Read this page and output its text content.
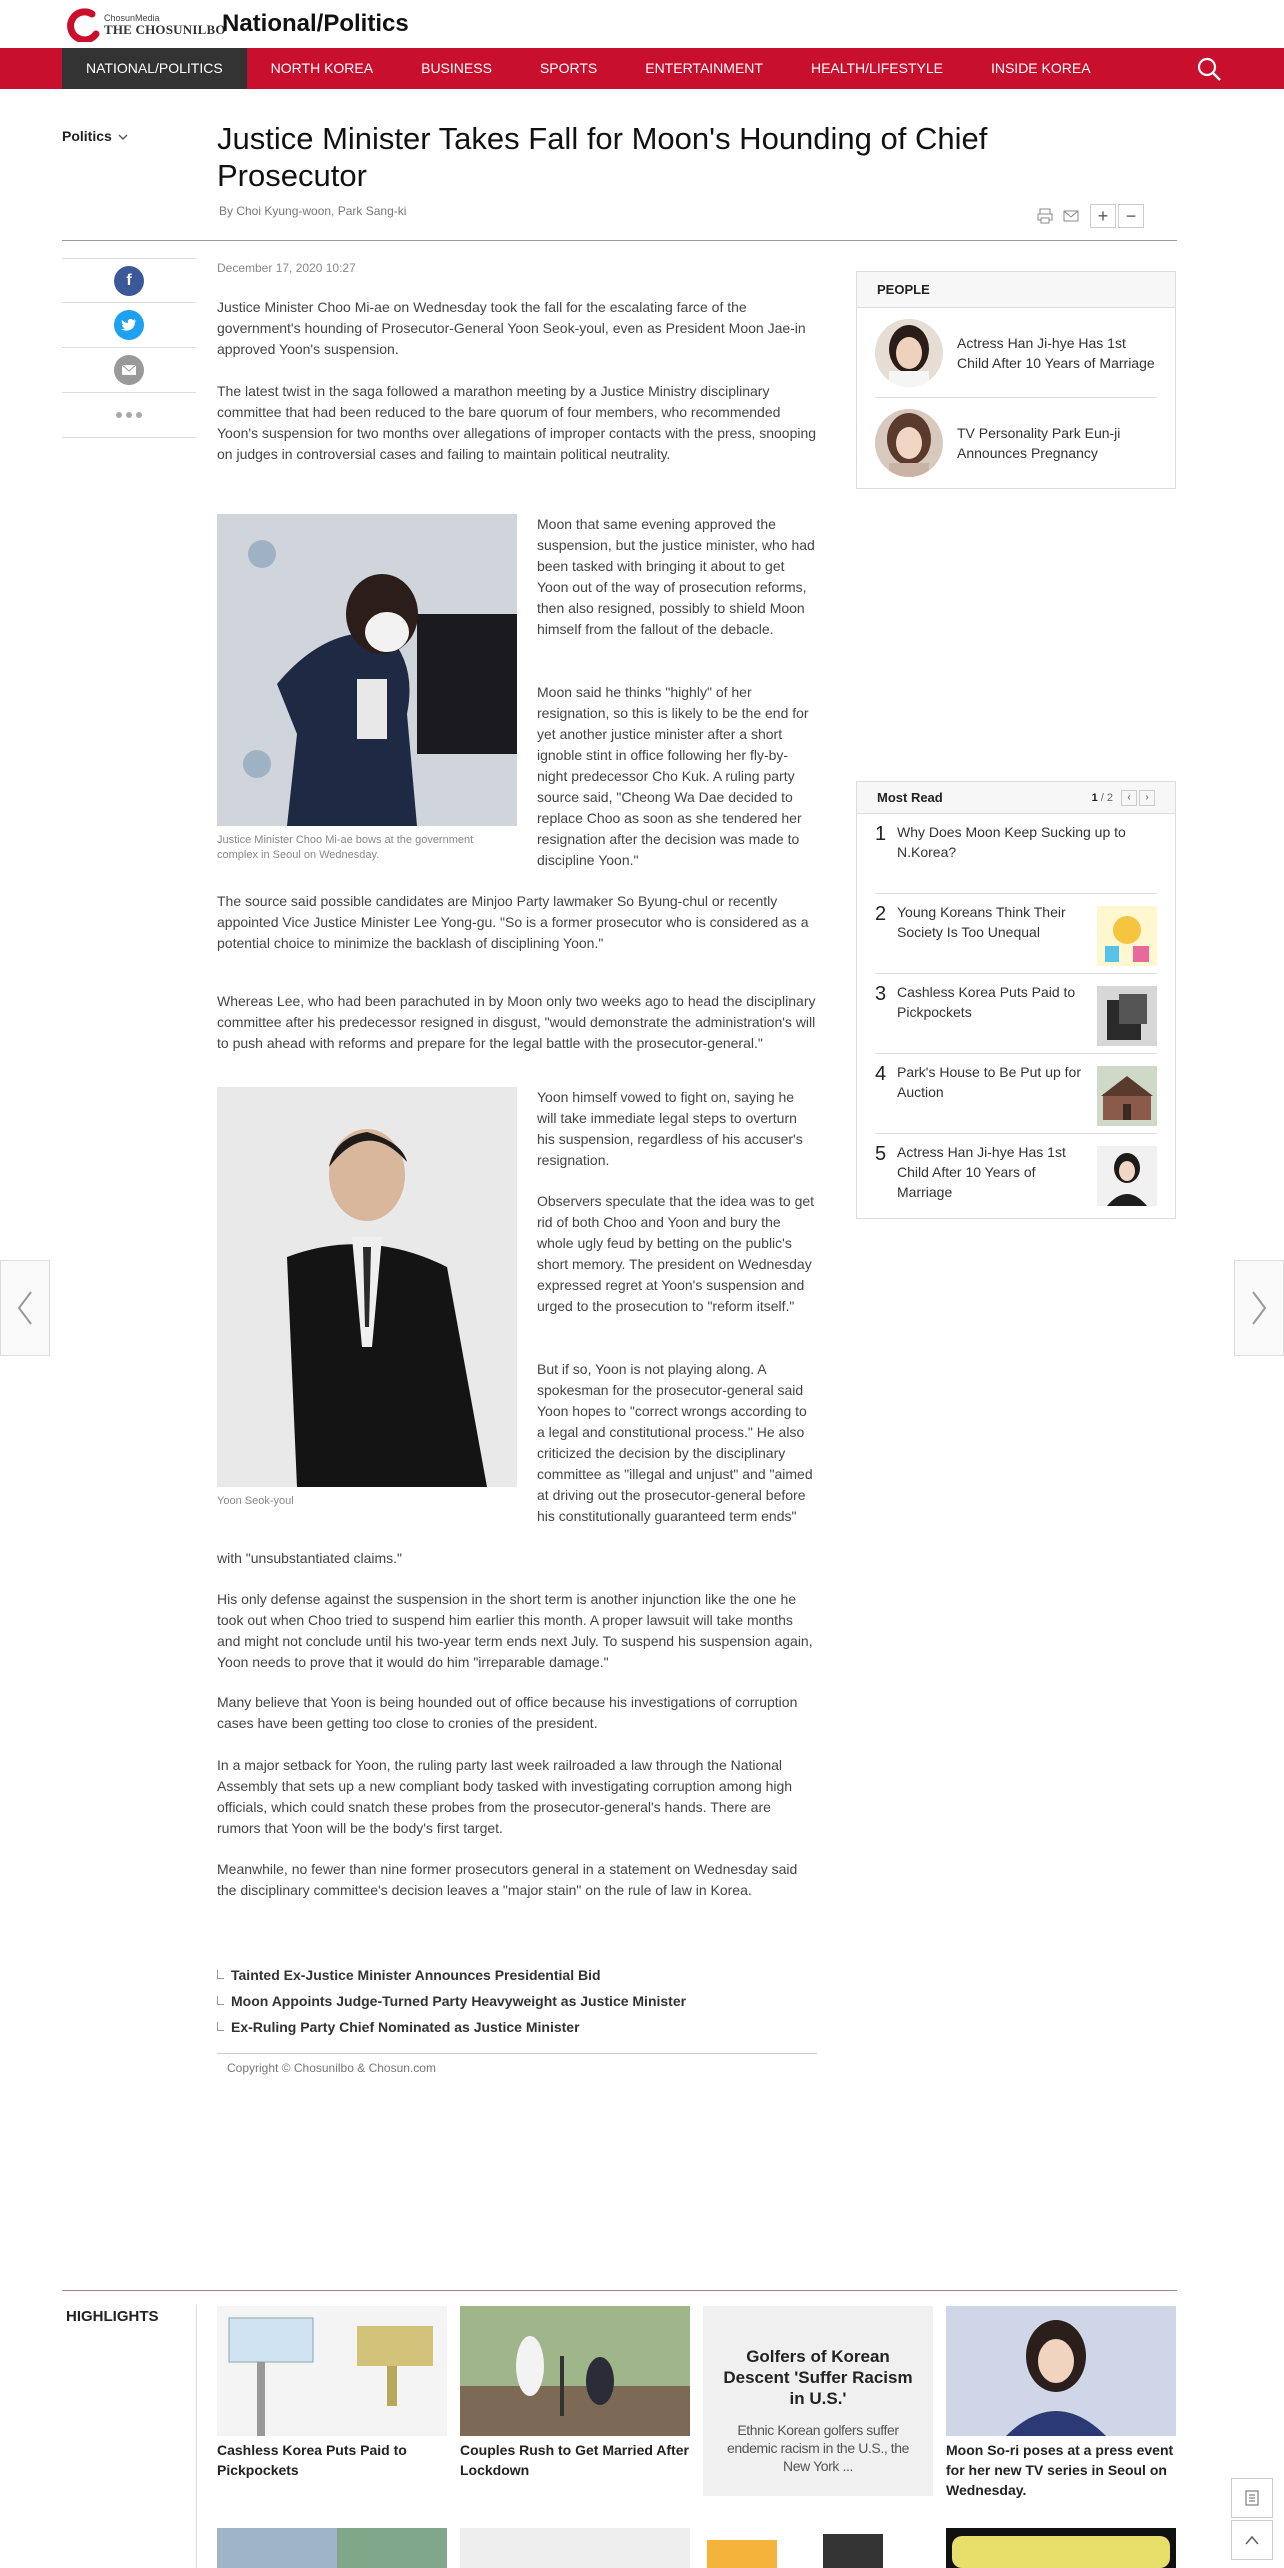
ChosunMedia
THE CHOSUNILBO
National/Politics
NATIONAL/POLITICS	NORTH KOREA	BUSINESS	SPORTS	ENTERTAINMENT	HEALTH/LIFESTYLE	INSIDE KOREA
Politics	Justice Minister Takes Fall for Moon's Hounding of Chief Prosecutor
By Choi Kyung-woon, Park Sang-ki	+ −
f
December 17, 2020 10:27

Justice Minister Choo Mi-ae on Wednesday took the fall for the escalating farce of the government's hounding of Prosecutor-General Yoon Seok-youl, even as President Moon Jae-in approved Yoon's suspension.

The latest twist in the saga followed a marathon meeting by a Justice Ministry disciplinary committee that had been reduced to the bare quorum of four members, who recommended Yoon's suspension for two months over allegations of improper contacts with the press, snooping on judges in controversial cases and failing to maintain political neutrality.

Justice Minister Choo Mi-ae bows at the government complex in Seoul on Wednesday.

Moon that same evening approved the suspension, but the justice minister, who had been tasked with bringing it about to get Yoon out of the way of prosecution reforms, then also resigned, possibly to shield Moon himself from the fallout of the debacle.

Moon said he thinks "highly" of her resignation, so this is likely to be the end for yet another justice minister after a short ignoble stint in office following her fly-by-night predecessor Cho Kuk. A ruling party source said, "Cheong Wa Dae decided to replace Choo as soon as she tendered her resignation after the decision was made to discipline Yoon."

The source said possible candidates are Minjoo Party lawmaker So Byung-chul or recently appointed Vice Justice Minister Lee Yong-gu. "So is a former prosecutor who is considered as a potential choice to minimize the backlash of disciplining Yoon."

Whereas Lee, who had been parachuted in by Moon only two weeks ago to head the disciplinary committee after his predecessor resigned in disgust, "would demonstrate the administration's will to push ahead with reforms and prepare for the legal battle with the prosecutor-general."

Yoon Seok-youl

Yoon himself vowed to fight on, saying he will take immediate legal steps to overturn his suspension, regardless of his accuser's resignation.

Observers speculate that the idea was to get rid of both Choo and Yoon and bury the whole ugly feud by betting on the public's short memory. The president on Wednesday expressed regret at Yoon's suspension and urged to the prosecution to "reform itself."

But if so, Yoon is not playing along. A spokesman for the prosecutor-general said Yoon hopes to "correct wrongs according to a legal and constitutional process." He also criticized the decision by the disciplinary committee as "illegal and unjust" and "aimed at driving out the prosecutor-general before his constitutionally guaranteed term ends"

with "unsubstantiated claims."

His only defense against the suspension in the short term is another injunction like the one he took out when Choo tried to suspend him earlier this month. A proper lawsuit will take months and might not conclude until his two-year term ends next July. To suspend his suspension again, Yoon needs to prove that it would do him "irreparable damage."

Many believe that Yoon is being hounded out of office because his investigations of corruption cases have been getting too close to cronies of the president.

In a major setback for Yoon, the ruling party last week railroaded a law through the National Assembly that sets up a new compliant body tasked with investigating corruption among high officials, which could snatch these probes from the prosecutor-general's hands. There are rumors that Yoon will be the body's first target.

Meanwhile, no fewer than nine former prosecutors general in a statement on Wednesday said the disciplinary committee's decision leaves a "major stain" on the rule of law in Korea.

Tainted Ex-Justice Minister Announces Presidential Bid
Moon Appoints Judge-Turned Party Heavyweight as Justice Minister
Ex-Ruling Party Chief Nominated as Justice Minister
Copyright © Chosunilbo & Chosun.com
PEOPLE
Actress Han Ji-hye Has 1st Child After 10 Years of Marriage
TV Personality Park Eun-ji Announces Pregnancy
Most Read	1 / 2	‹	›
1 Why Does Moon Keep Sucking up to N.Korea?
2 Young Koreans Think Their Society Is Too Unequal
3 Cashless Korea Puts Paid to Pickpockets
4 Park's House to Be Put up for Auction
5 Actress Han Ji-hye Has 1st Child After 10 Years of Marriage
HIGHLIGHTS
Cashless Korea Puts Paid to Pickpockets
Couples Rush to Get Married After Lockdown
Golfers of Korean Descent 'Suffer Racism in U.S.'
Ethnic Korean golfers suffer endemic racism in the U.S., the New York ...
Moon So-ri poses at a press event for her new TV series in Seoul on Wednesday.
